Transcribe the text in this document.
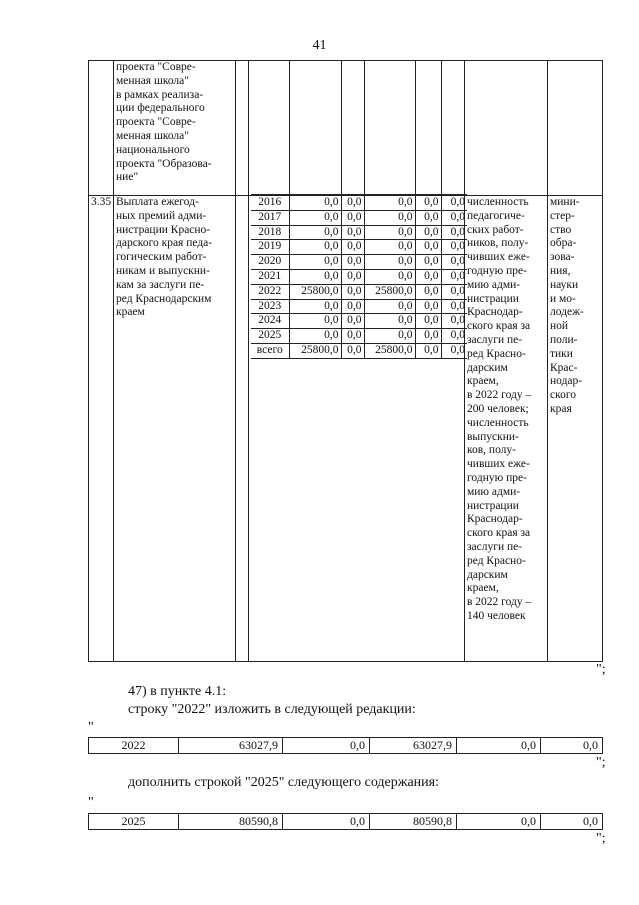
41

проекта "Совре-
менная школа"
в рамках реализа-
ции федерального
проекта "Совре-
менная школа"
национального
проекта "Образова-
ние"

3.35	Выплата ежегод-
ных премий адми-
нистрации Красно-
дарского края педа-
гогическим работ-
никам и выпускни-
кам за заслуги пе-
ред Краснодарским
краем

2016	0,0	0,0	0,0	0,0	0,0
2017	0,0	0,0	0,0	0,0	0,0
2018	0,0	0,0	0,0	0,0	0,0
2019	0,0	0,0	0,0	0,0	0,0
2020	0,0	0,0	0,0	0,0	0,0
2021	0,0	0,0	0,0	0,0	0,0
2022	25800,0	0,0	25800,0	0,0	0,0
2023	0,0	0,0	0,0	0,0	0,0
2024	0,0	0,0	0,0	0,0	0,0
2025	0,0	0,0	0,0	0,0	0,0
всего	25800,0	0,0	25800,0	0,0	0,0

численность
педагогиче-
ских работ-
ников, полу-
чивших еже-
годную пре-
мию адми-
нистрации
Краснодар-
ского края за
заслуги пе-
ред Красно-
дарским
краем,
в 2022 году –
200 человек;
численность
выпускни-
ков, полу-
чивших еже-
годную пре-
мию адми-
нистрации
Краснодар-
ского края за
заслуги пе-
ред Красно-
дарским
краем,
в 2022 году –
140 человек

мини-
стер-
ство
обра-
зова-
ния,
науки
и мо-
лодеж-
ной
поли-
тики
Крас-
нодар-
ского
края
";
47) в пункте 4.1:
строку "2022" изложить в следующей редакции:
"
2022	63027,9	0,0	63027,9	0,0	0,0
";
дополнить строкой "2025" следующего содержания:
"
2025	80590,8	0,0	80590,8	0,0	0,0
";
